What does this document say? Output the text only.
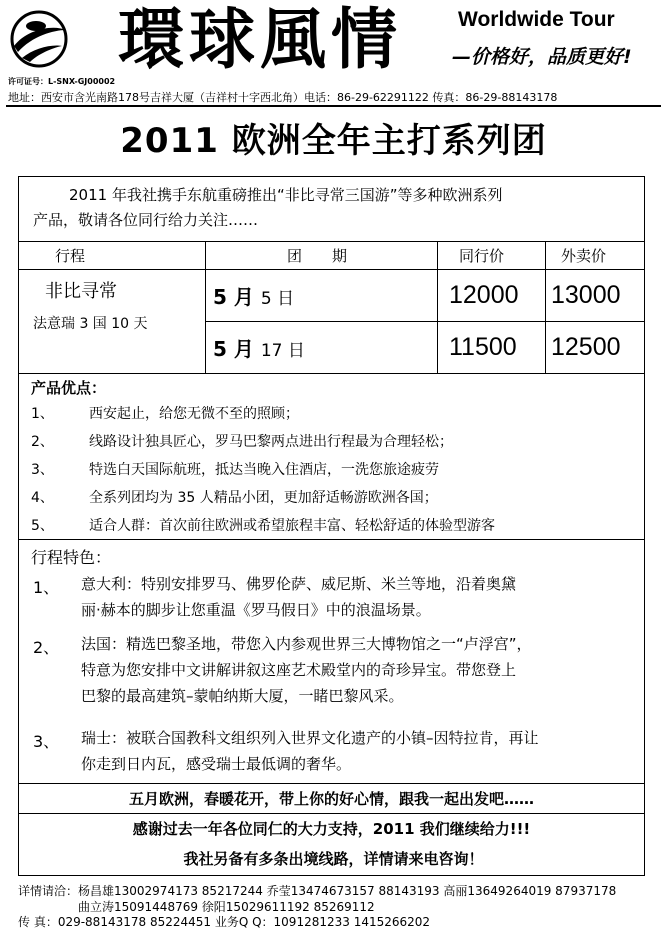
许可证号：L-SNX-GJ00002
環球風情	Worldwide Tour
—价格好，品质更好!
地址：西安市含光南路178号吉祥大厦（吉祥村十字西北角）电话：86-29-62291122 传真：86-29-88143178
2011 欧洲全年主打系列团
2011 年我社携手东航重磅推出“非比寻常三国游”等多种欧洲系列
产品，敬请各位同行给力关注……
行程	团　　期	同行价	外卖价
非比寻常
法意瑞 3 国 10 天
5 月 5 日	12000 13000
5 月 17 日	11500 12500
产品优点：
1、	西安起止，给您无微不至的照顾；
2、	线路设计独具匠心，罗马巴黎两点进出行程最为合理轻松；
3、	特选白天国际航班，抵达当晚入住酒店，一洗您旅途疲劳
4、	全系列团均为 35 人精品小团，更加舒适畅游欧洲各国；
5、	适合人群：首次前往欧洲或希望旅程丰富、轻松舒适的体验型游客
行程特色：
1、 意大利：特别安排罗马、佛罗伦萨、威尼斯、米兰等地，沿着奥黛
丽·赫本的脚步让您重温《罗马假日》中的浪温场景。
2、 法国：精选巴黎圣地，带您入内参观世界三大博物馆之一“卢浮宫”，
特意为您安排中文讲解讲叙这座艺术殿堂内的奇珍异宝。带您登上
巴黎的最高建筑–蒙帕纳斯大厦，一睹巴黎风采。
3、 瑞士：被联合国教科文组织列入世界文化遗产的小镇–因特拉肯，再让
你走到日内瓦，感受瑞士最低调的奢华。
五月欧洲，春暖花开，带上你的好心情，跟我一起出发吧……
感谢过去一年各位同仁的大力支持，2011 我们继续给力!!!
我社另备有多条出境线路，详情请来电咨询！
详情请洽：杨昌雄13002974173 85217244 乔莹13474673157 88143193 高丽13649264019 87937178
　　　　　曲立涛15091448769 徐阳15029611192 85269112
传 真：029-88143178 85224451 业务Q Q：1091281233 1415266202
